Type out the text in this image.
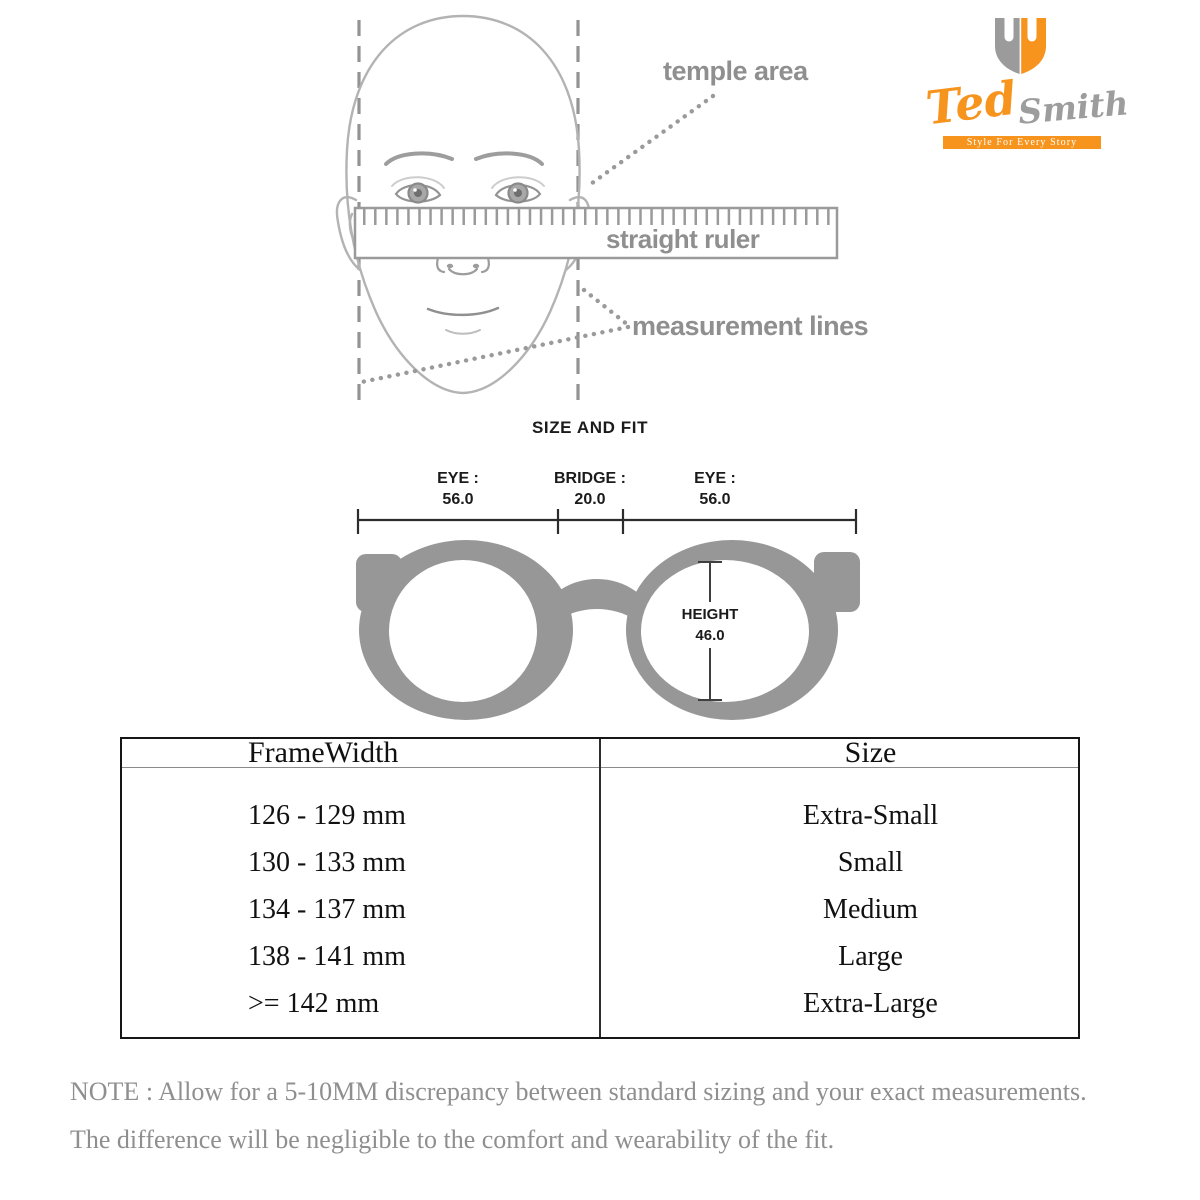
temple area
straight ruler
measurement lines
SIZE AND FIT
EYE :
56.0
BRIDGE :
20.0
EYE :
56.0
HEIGHT
46.0
Ted
Smith
Style For Every Story
FrameWidth	Size
126 - 129 mm	Extra-Small
130 - 133 mm	Small
134 - 137 mm	Medium
138 - 141 mm	Large
>= 142 mm	Extra-Large
NOTE : Allow for a 5-10MM discrepancy between standard sizing and your exact measurements.
The difference will be negligible to the comfort and wearability of the fit.
